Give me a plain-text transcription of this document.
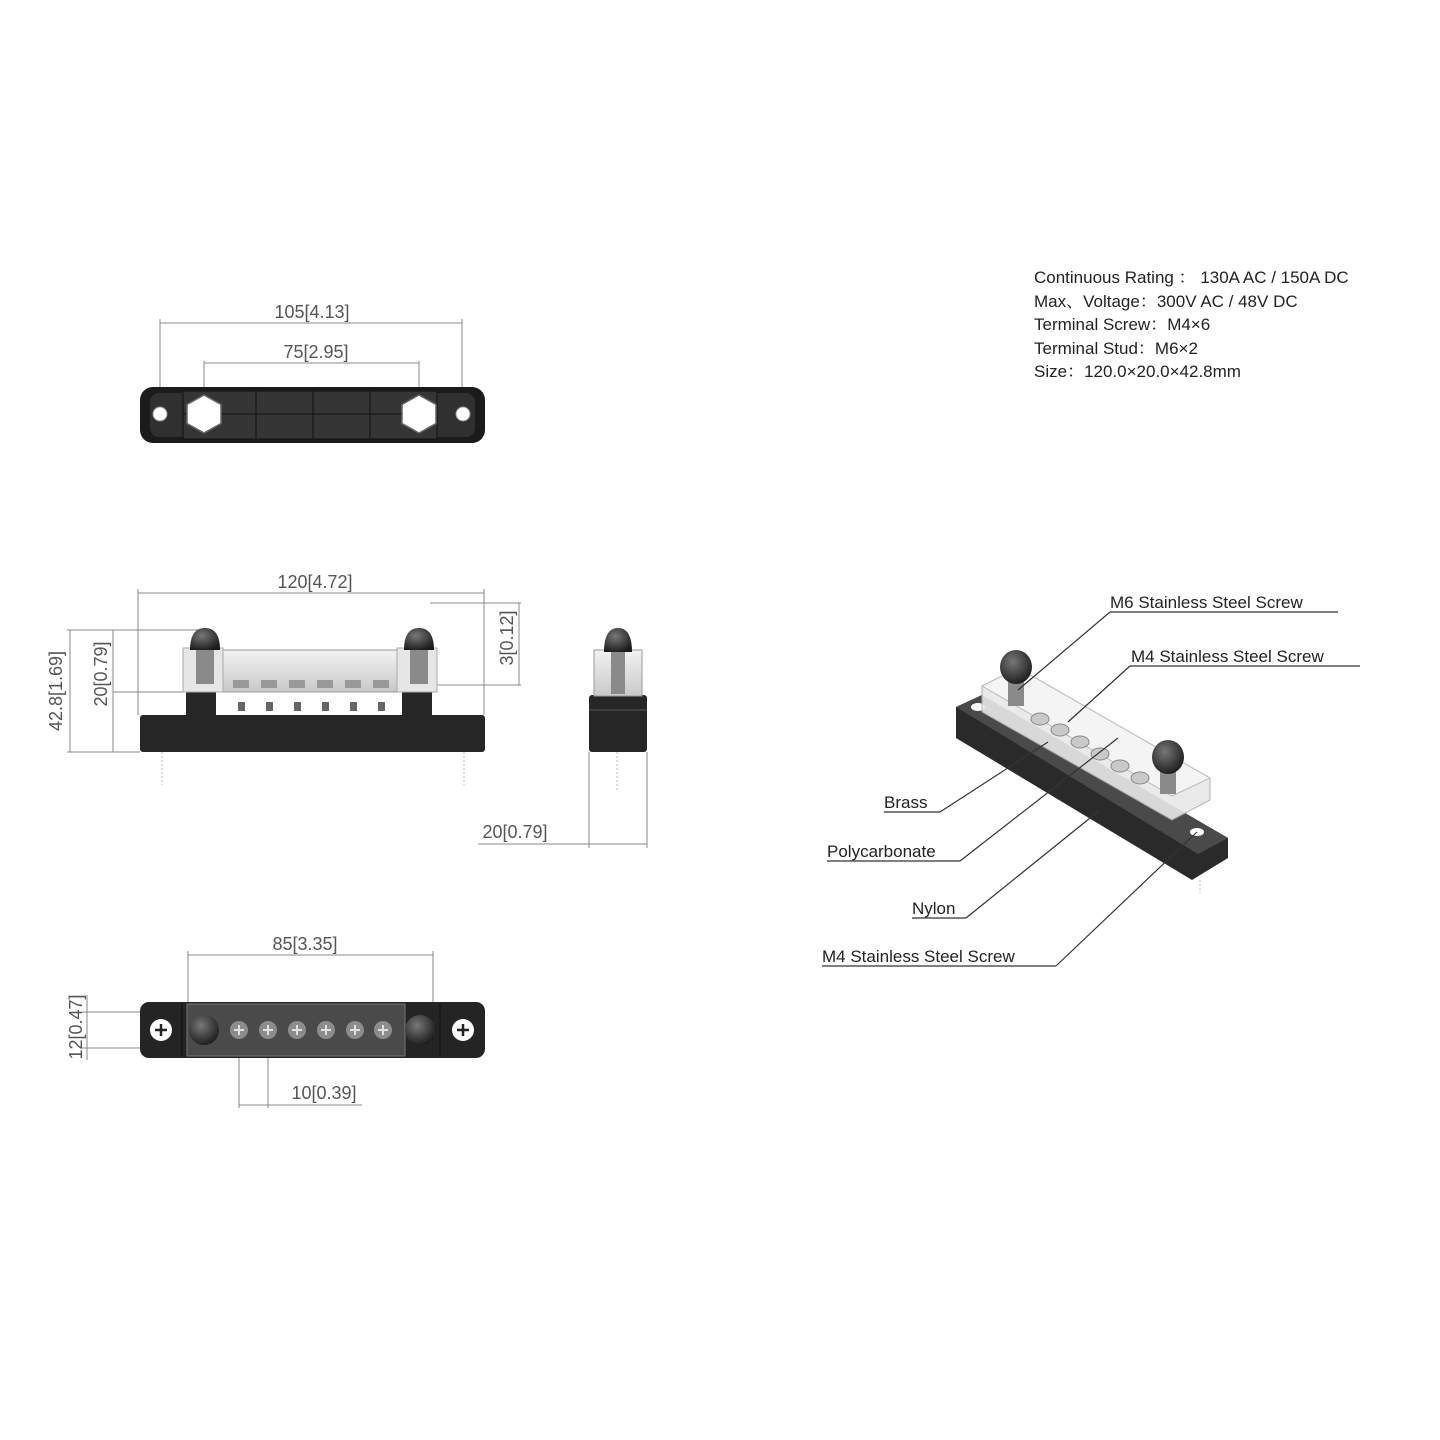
Continuous Rating ： 130A AC / 150A DC
Max、Voltage：300V AC / 48V DC
Terminal Screw：M4×6
Terminal Stud：M6×2
Size：120.0×20.0×42.8mm
105[4.13]
75[2.95]
120[4.72]
42.8[1.69] 20[0.79]
3[0.12]
20[0.79]
85[3.35]
12[0.47]
10[0.39]
M6 Stainless Steel Screw
M4 Stainless Steel Screw
Brass
Polycarbonate
Nylon
M4 Stainless Steel Screw
